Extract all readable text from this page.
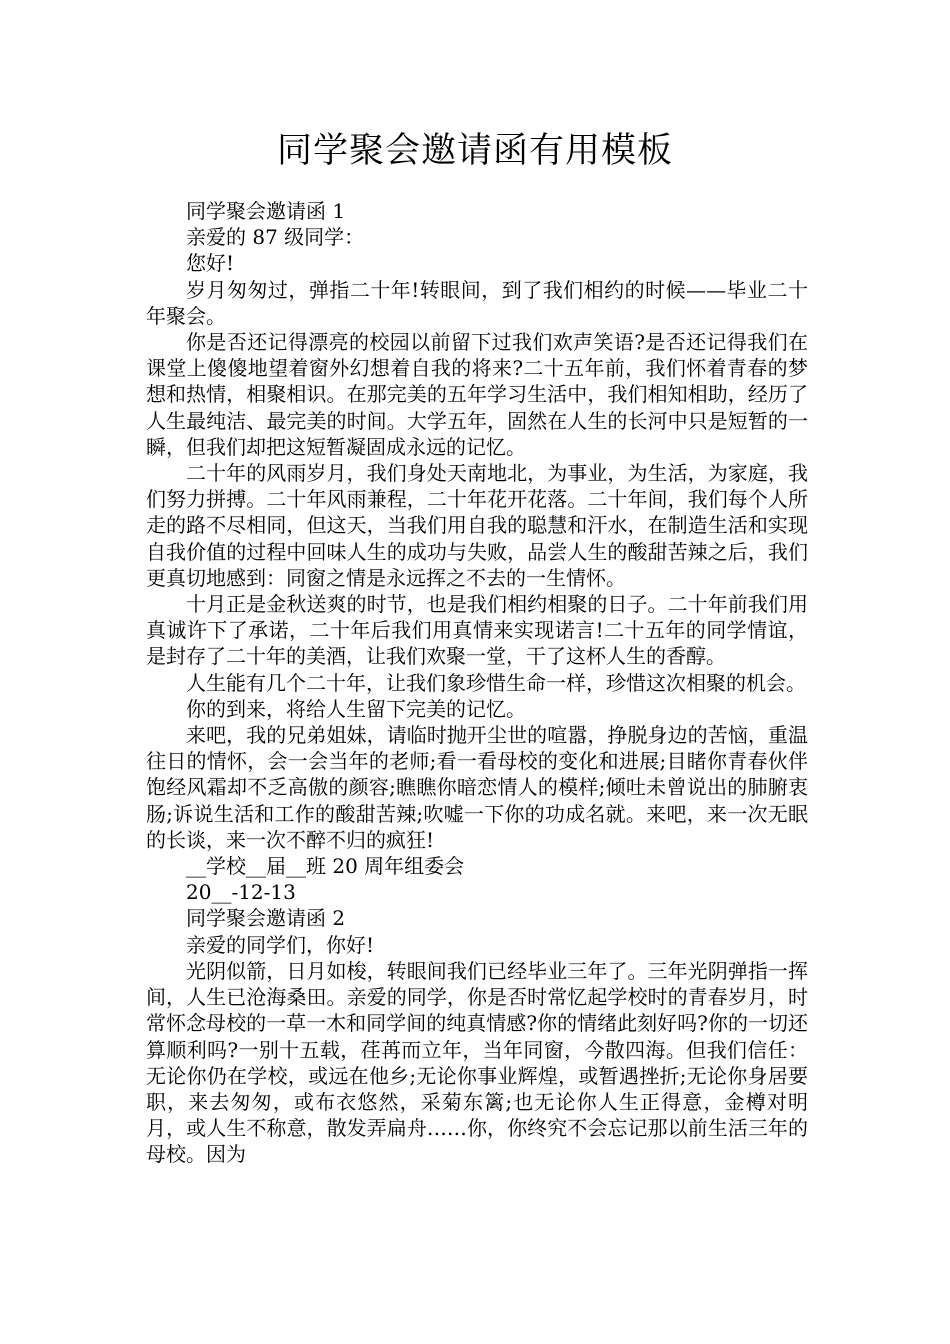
同学聚会邀请函有用模板

同学聚会邀请函 1

亲爱的 87 级同学：

您好!

岁月匆匆过，弹指二十年!转眼间，到了我们相约的时候——毕业二十年聚会。

你是否还记得漂亮的校园以前留下过我们欢声笑语?是否还记得我们在课堂上傻傻地望着窗外幻想着自我的将来?二十五年前，我们怀着青春的梦想和热情，相聚相识。在那完美的五年学习生活中，我们相知相助，经历了人生最纯洁、最完美的时间。大学五年，固然在人生的长河中只是短暂的一瞬，但我们却把这短暂凝固成永远的记忆。

二十年的风雨岁月，我们身处天南地北，为事业，为生活，为家庭，我们努力拼搏。二十年风雨兼程，二十年花开花落。二十年间，我们每个人所走的路不尽相同，但这天，当我们用自我的聪慧和汗水，在制造生活和实现自我价值的过程中回味人生的成功与失败，品尝人生的酸甜苦辣之后，我们更真切地感到：同窗之情是永远挥之不去的一生情怀。

十月正是金秋送爽的时节，也是我们相约相聚的日子。二十年前我们用真诚许下了承诺，二十年后我们用真情来实现诺言!二十五年的同学情谊，是封存了二十年的美酒，让我们欢聚一堂，干了这杯人生的香醇。

人生能有几个二十年，让我们象珍惜生命一样，珍惜这次相聚的机会。

你的到来，将给人生留下完美的记忆。

来吧，我的兄弟姐妹，请临时抛开尘世的喧嚣，挣脱身边的苦恼，重温往日的情怀，会一会当年的老师;看一看母校的变化和进展;目睹你青春伙伴饱经风霜却不乏高傲的颜容;瞧瞧你暗恋情人的模样;倾吐未曾说出的肺腑衷肠;诉说生活和工作的酸甜苦辣;吹嘘一下你的功成名就。来吧，来一次无眠的长谈，来一次不醉不归的疯狂!

__学校__届__班 20 周年组委会

20__-12-13

同学聚会邀请函 2

亲爱的同学们，你好!

光阴似箭，日月如梭，转眼间我们已经毕业三年了。三年光阴弹指一挥间，人生已沧海桑田。亲爱的同学，你是否时常忆起学校时的青春岁月，时常怀念母校的一草一木和同学间的纯真情感?你的情绪此刻好吗?你的一切还算顺利吗?一别十五载，荏苒而立年，当年同窗，今散四海。但我们信任：无论你仍在学校，或远在他乡;无论你事业辉煌，或暂遇挫折;无论你身居要职，来去匆匆，或布衣悠然，采菊东篱;也无论你人生正得意，金樽对明月，或人生不称意，散发弄扁舟……你，你终究不会忘记那以前生活三年的母校。因为
